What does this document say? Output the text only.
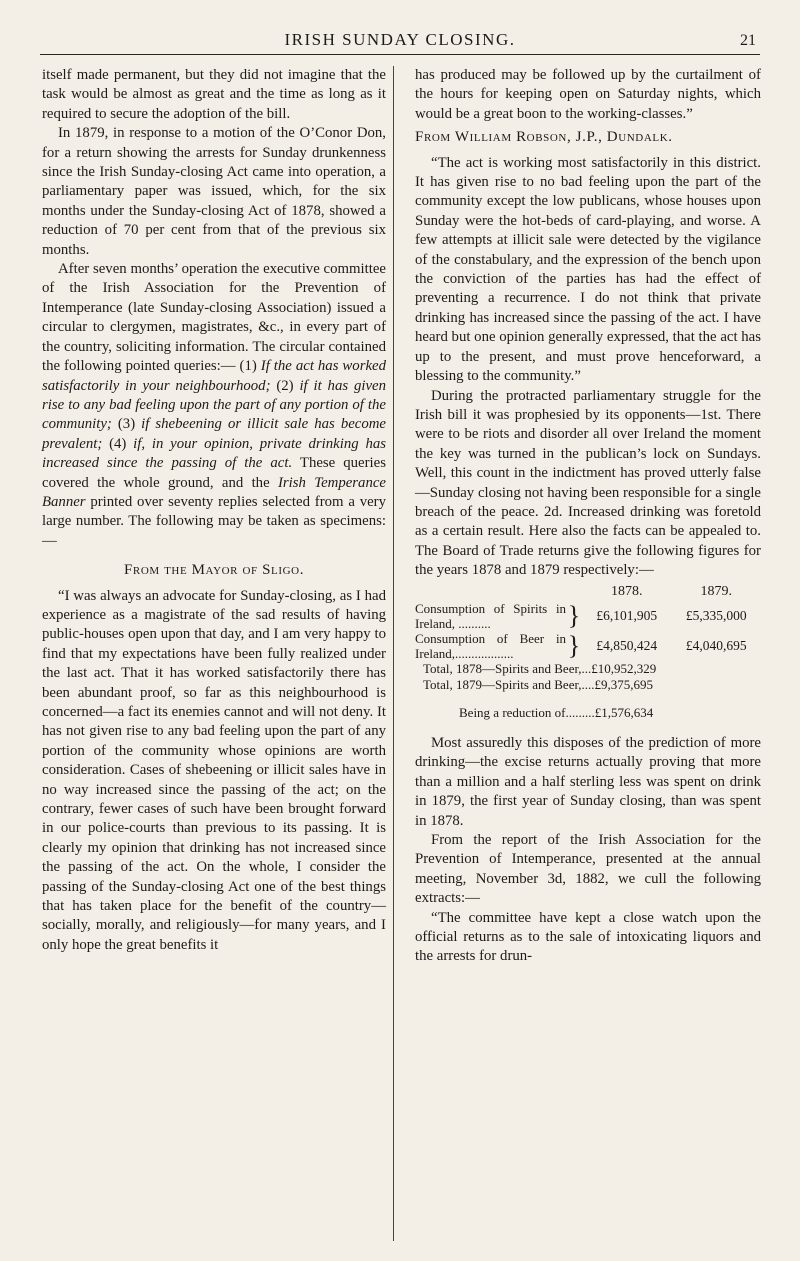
IRISH SUNDAY CLOSING.	21

itself made permanent, but they did not imagine that the task would be almost as great and the time as long as it required to secure the adoption of the bill.

In 1879, in response to a motion of the O’Conor Don, for a return showing the arrests for Sunday drunkenness since the Irish Sunday-closing Act came into operation, a parliamentary paper was issued, which, for the six months under the Sunday-closing Act of 1878, showed a reduction of 70 per cent from that of the previous six months.

After seven months’ operation the executive committee of the Irish Association for the Prevention of Intemperance (late Sunday-closing Association) issued a circular to clergymen, magistrates, &c., in every part of the country, soliciting information. The circular contained the following pointed queries:— (1) If the act has worked satisfactorily in your neighbourhood; (2) if it has given rise to any bad feeling upon the part of any portion of the community; (3) if shebeening or illicit sale has become prevalent; (4) if, in your opinion, private drinking has increased since the passing of the act. These queries covered the whole ground, and the Irish Temperance Banner printed over seventy replies selected from a very large number. The following may be taken as specimens:—

From the Mayor of Sligo.

“I was always an advocate for Sunday-closing, as I had experience as a magistrate of the sad results of having public-houses open upon that day, and I am very happy to find that my expectations have been fully realized under the last act. That it has worked satisfactorily there has been abundant proof, so far as this neighbourhood is concerned—a fact its enemies cannot and will not deny. It has not given rise to any bad feeling upon the part of any portion of the community whose opinions are worth consideration. Cases of shebeening or illicit sales have in no way increased since the passing of the act; on the contrary, fewer cases of such have been brought forward in our police-courts than previous to its passing. It is clearly my opinion that drinking has not increased since the passing of the act. On the whole, I consider the passing of the Sunday-closing Act one of the best things that has taken place for the benefit of the country—socially, morally, and religiously—for many years, and I only hope the great benefits it

has produced may be followed up by the curtailment of the hours for keeping open on Saturday nights, which would be a great boon to the working-classes.”

From William Robson, J.P., Dundalk.

“The act is working most satisfactorily in this district. It has given rise to no bad feeling upon the part of the community except the low publicans, whose houses upon Sunday were the hot-beds of card-playing, and worse. A few attempts at illicit sale were detected by the vigilance of the constabulary, and the expression of the bench upon the conviction of the parties has had the effect of preventing a recurrence. I do not think that private drinking has increased since the passing of the act. I have heard but one opinion generally expressed, that the act has up to the present, and must prove henceforward, a blessing to the community.”

During the protracted parliamentary struggle for the Irish bill it was prophesied by its opponents—1st. There were to be riots and disorder all over Ireland the moment the key was turned in the publican’s lock on Sundays. Well, this count in the indictment has proved utterly false—Sunday closing not having been responsible for a single breach of the peace. 2d. Increased drinking was foretold as a certain result. Here also the facts can be appealed to. The Board of Trade returns give the following figures for the years 1878 and 1879 respectively:—

		1878.	1879.
Consumption of Spirits in Ireland, ..........	}	£6,101,905	£5,335,000
Consumption of Beer in Ireland,..................	}	£4,850,424	£4,040,695
Total, 1878—Spirits and Beer,...£10,952,329
Total, 1879—Spirits and Beer,....£9,375,695
Being a reduction of.........£1,576,634

Most assuredly this disposes of the prediction of more drinking—the excise returns actually proving that more than a million and a half sterling less was spent on drink in 1879, the first year of Sunday closing, than was spent in 1878.

From the report of the Irish Association for the Prevention of Intemperance, presented at the annual meeting, November 3d, 1882, we cull the following extracts:—

“The committee have kept a close watch upon the official returns as to the sale of intoxicating liquors and the arrests for drun-
